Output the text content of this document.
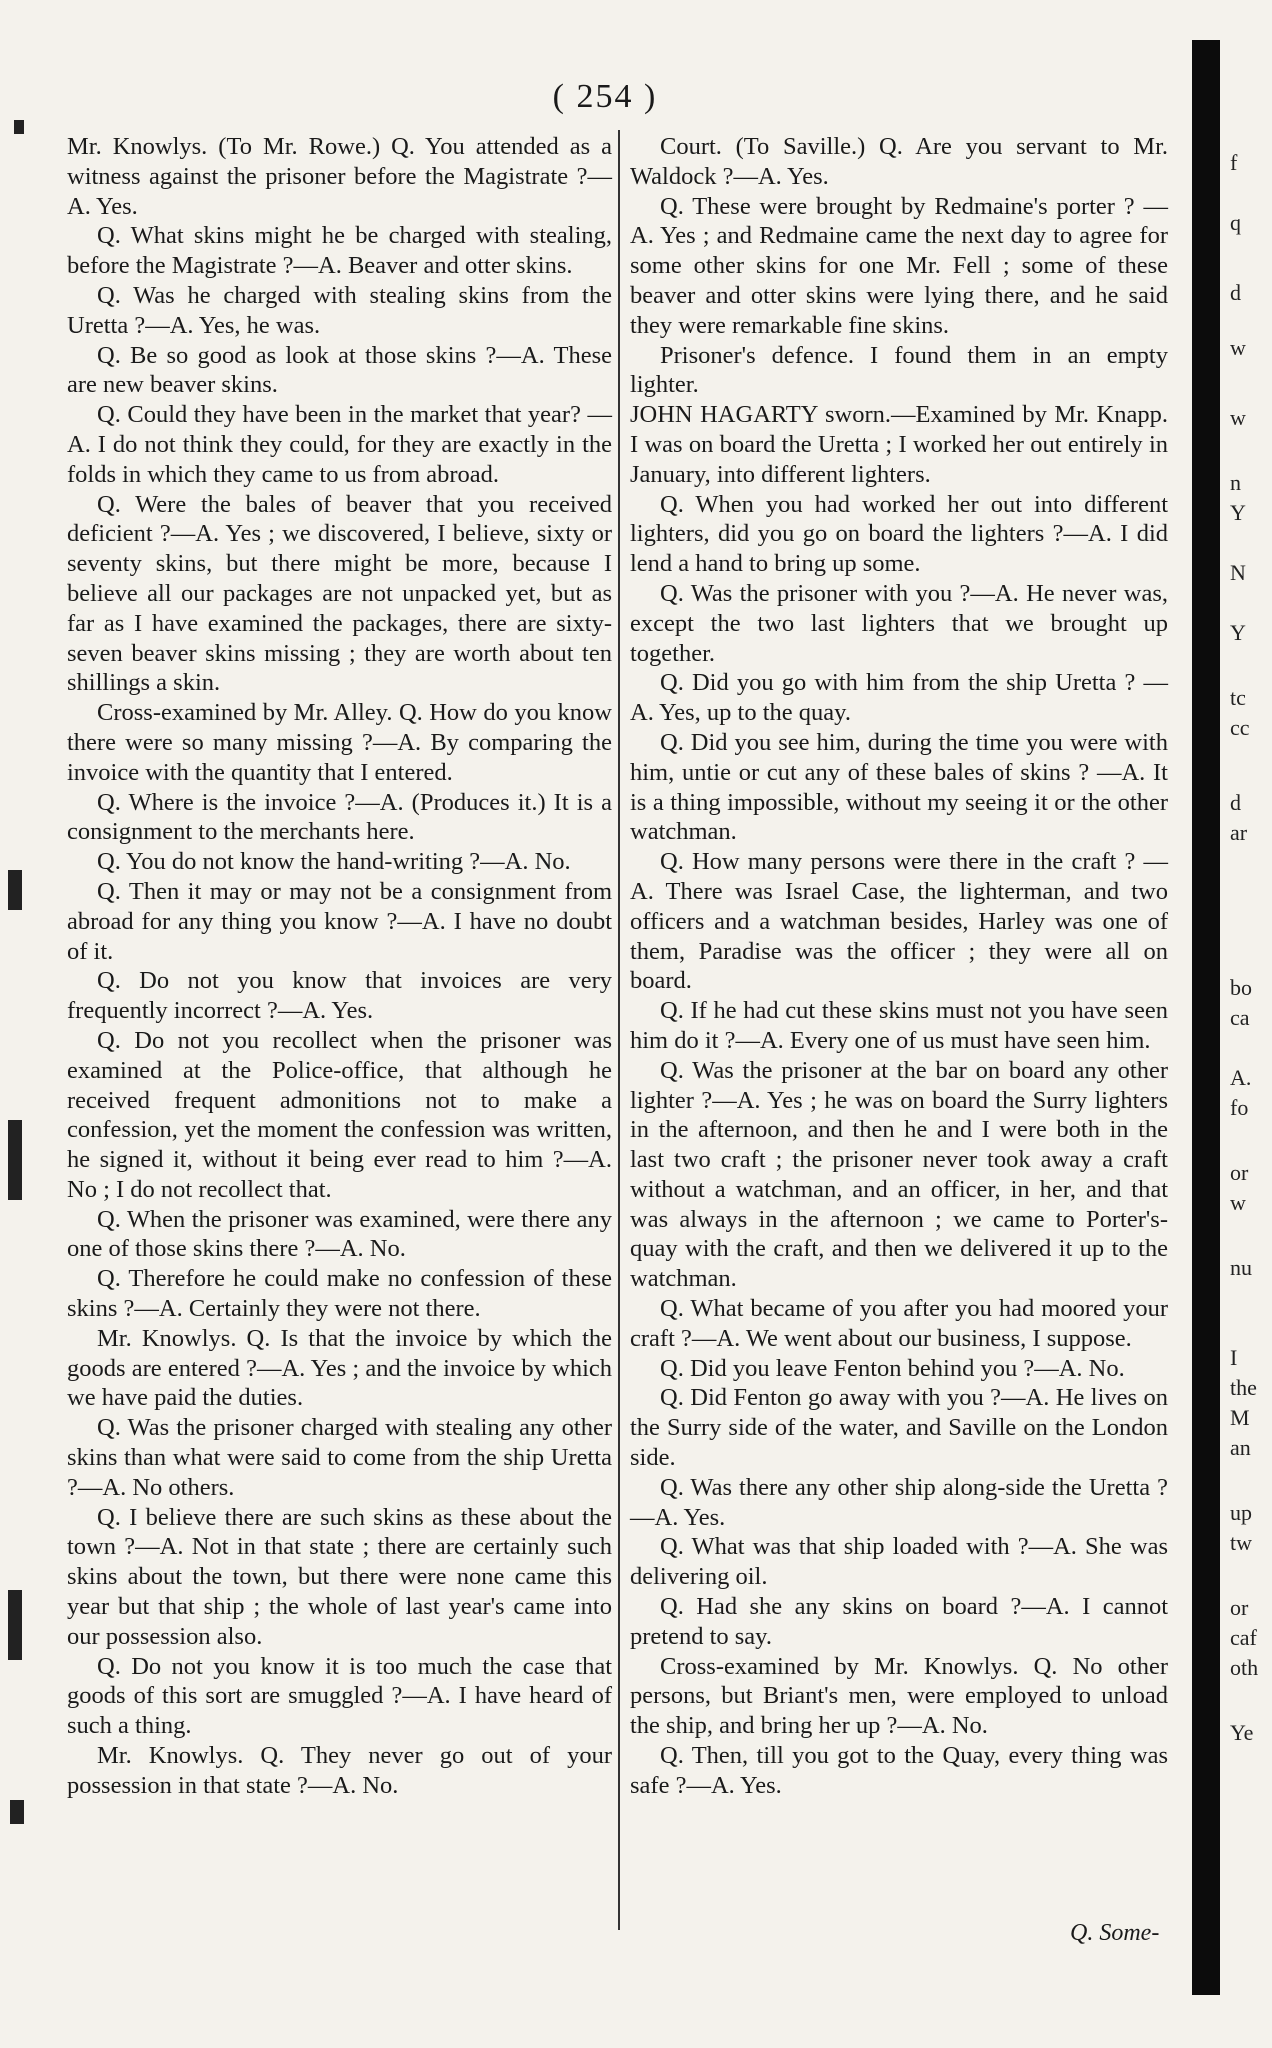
( 254 )

Mr. Knowlys. (To Mr. Rowe.) Q. You attended as a witness against the prisoner before the Magistrate ?—A. Yes.

Q. What skins might he be charged with stealing, before the Magistrate ?—A. Beaver and otter skins.

Q. Was he charged with stealing skins from the Uretta ?—A. Yes, he was.

Q. Be so good as look at those skins ?—A. These are new beaver skins.

Q. Could they have been in the market that year? —A. I do not think they could, for they are exactly in the folds in which they came to us from abroad.

Q. Were the bales of beaver that you received deficient ?—A. Yes ; we discovered, I believe, sixty or seventy skins, but there might be more, because I believe all our packages are not unpacked yet, but as far as I have examined the packages, there are sixty-seven beaver skins missing ; they are worth about ten shillings a skin.

Cross-examined by Mr. Alley. Q. How do you know there were so many missing ?—A. By comparing the invoice with the quantity that I entered.

Q. Where is the invoice ?—A. (Produces it.) It is a consignment to the merchants here.

Q. You do not know the hand-writing ?—A. No.

Q. Then it may or may not be a consignment from abroad for any thing you know ?—A. I have no doubt of it.

Q. Do not you know that invoices are very frequently incorrect ?—A. Yes.

Q. Do not you recollect when the prisoner was examined at the Police-office, that although he received frequent admonitions not to make a confession, yet the moment the confession was written, he signed it, without it being ever read to him ?—A. No ; I do not recollect that.

Q. When the prisoner was examined, were there any one of those skins there ?—A. No.

Q. Therefore he could make no confession of these skins ?—A. Certainly they were not there.

Mr. Knowlys. Q. Is that the invoice by which the goods are entered ?—A. Yes ; and the invoice by which we have paid the duties.

Q. Was the prisoner charged with stealing any other skins than what were said to come from the ship Uretta ?—A. No others.

Q. I believe there are such skins as these about the town ?—A. Not in that state ; there are certainly such skins about the town, but there were none came this year but that ship ; the whole of last year's came into our possession also.

Q. Do not you know it is too much the case that goods of this sort are smuggled ?—A. I have heard of such a thing.

Mr. Knowlys. Q. They never go out of your possession in that state ?—A. No.

Court. (To Saville.) Q. Are you servant to Mr. Waldock ?—A. Yes.

Q. These were brought by Redmaine's porter ? —A. Yes ; and Redmaine came the next day to agree for some other skins for one Mr. Fell ; some of these beaver and otter skins were lying there, and he said they were remarkable fine skins.

Prisoner's defence. I found them in an empty lighter.

JOHN HAGARTY sworn.—Examined by Mr. Knapp. I was on board the Uretta ; I worked her out entirely in January, into different lighters.

Q. When you had worked her out into different lighters, did you go on board the lighters ?—A. I did lend a hand to bring up some.

Q. Was the prisoner with you ?—A. He never was, except the two last lighters that we brought up together.

Q. Did you go with him from the ship Uretta ? —A. Yes, up to the quay.

Q. Did you see him, during the time you were with him, untie or cut any of these bales of skins ? —A. It is a thing impossible, without my seeing it or the other watchman.

Q. How many persons were there in the craft ? —A. There was Israel Case, the lighterman, and two officers and a watchman besides, Harley was one of them, Paradise was the officer ; they were all on board.

Q. If he had cut these skins must not you have seen him do it ?—A. Every one of us must have seen him.

Q. Was the prisoner at the bar on board any other lighter ?—A. Yes ; he was on board the Surry lighters in the afternoon, and then he and I were both in the last two craft ; the prisoner never took away a craft without a watchman, and an officer, in her, and that was always in the afternoon ; we came to Porter's-quay with the craft, and then we delivered it up to the watchman.

Q. What became of you after you had moored your craft ?—A. We went about our business, I suppose.

Q. Did you leave Fenton behind you ?—A. No.

Q. Did Fenton go away with you ?—A. He lives on the Surry side of the water, and Saville on the London side.

Q. Was there any other ship along-side the Uretta ?—A. Yes.

Q. What was that ship loaded with ?—A. She was delivering oil.

Q. Had she any skins on board ?—A. I cannot pretend to say.

Cross-examined by Mr. Knowlys. Q. No other persons, but Briant's men, were employed to unload the ship, and bring her up ?—A. No.

Q. Then, till you got to the Quay, every thing was safe ?—A. Yes.

Q. Some-
f
q
d
w
w
n
Y
N
Y
tc
cc
d
ar
bo
ca
A.
fo
or
w
nu
I
the
M
an
up
tw
or
caf
oth
Ye
